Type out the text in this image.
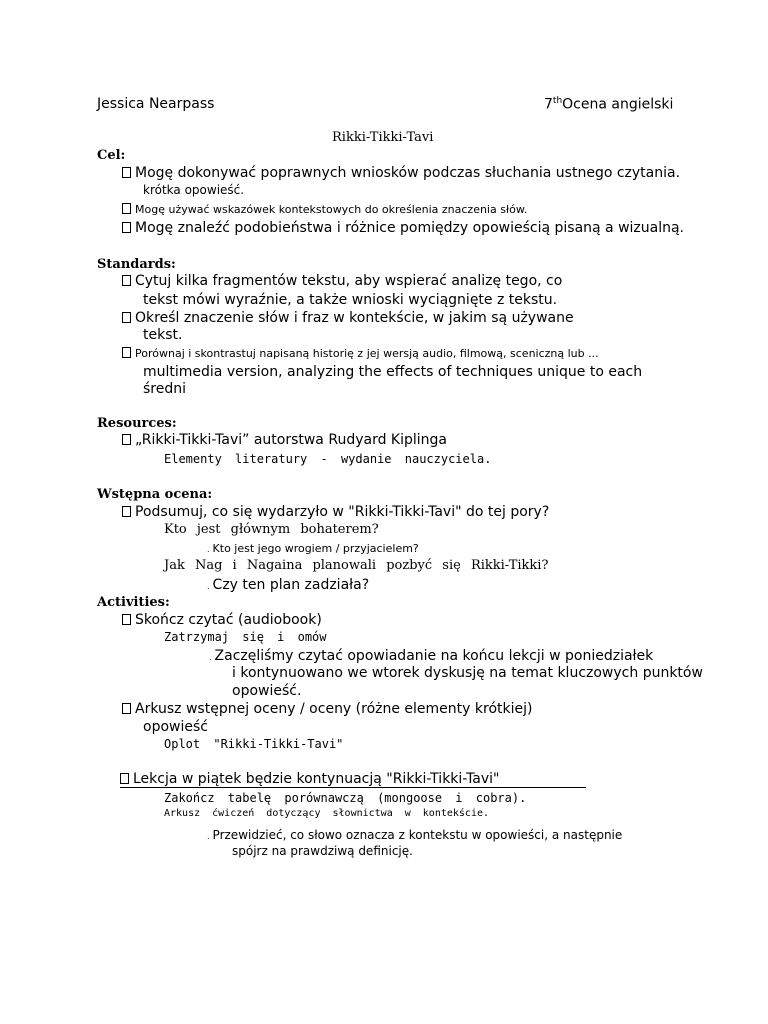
Jessica Nearpass	7thOcena angielski
Rikki-Tikki-Tavi
Cel:
Mogę dokonywać poprawnych wniosków podczas słuchania ustnego czytania.
krótka opowieść.
Mogę używać wskazówek kontekstowych do określenia znaczenia słów.
Mogę znaleźć podobieństwa i różnice pomiędzy opowieścią pisaną a wizualną.
Standards:
Cytuj kilka fragmentów tekstu, aby wspierać analizę tego, co
tekst mówi wyraźnie, a także wnioski wyciągnięte z tekstu.
Określ znaczenie słów i fraz w kontekście, w jakim są używane
tekst.
Porównaj i skontrastuj napisaną historię z jej wersją audio, filmową, sceniczną lub ...
multimedia version, analyzing the effects of techniques unique to each
średni
Resources:
„Rikki-Tikki-Tavi” autorstwa Rudyard Kiplinga
Elementy literatury - wydanie nauczyciela.
Wstępna ocena:
Podsumuj, co się wydarzyło w "Rikki-Tikki-Tavi" do tej pory?
Kto jest głównym bohaterem?
. Kto jest jego wrogiem / przyjacielem?
Jak Nag i Nagaina planowali pozbyć się Rikki-Tikki?
. Czy ten plan zadziała?
Activities:
Skończ czytać (audiobook)
Zatrzymaj się i omów
. Zaczęliśmy czytać opowiadanie na końcu lekcji w poniedziałek
i kontynuowano we wtorek dyskusję na temat kluczowych punktów
opowieść.
Arkusz wstępnej oceny / oceny (różne elementy krótkiej)
opowieść
Oplot "Rikki-Tikki-Tavi"
Lekcja w piątek będzie kontynuacją "Rikki-Tikki-Tavi"
Zakończ tabelę porównawczą (mongoose i cobra).
Arkusz ćwiczeń dotyczący słownictwa w kontekście.
. Przewidzieć, co słowo oznacza z kontekstu w opowieści, a następnie
spójrz na prawdziwą definicję.
